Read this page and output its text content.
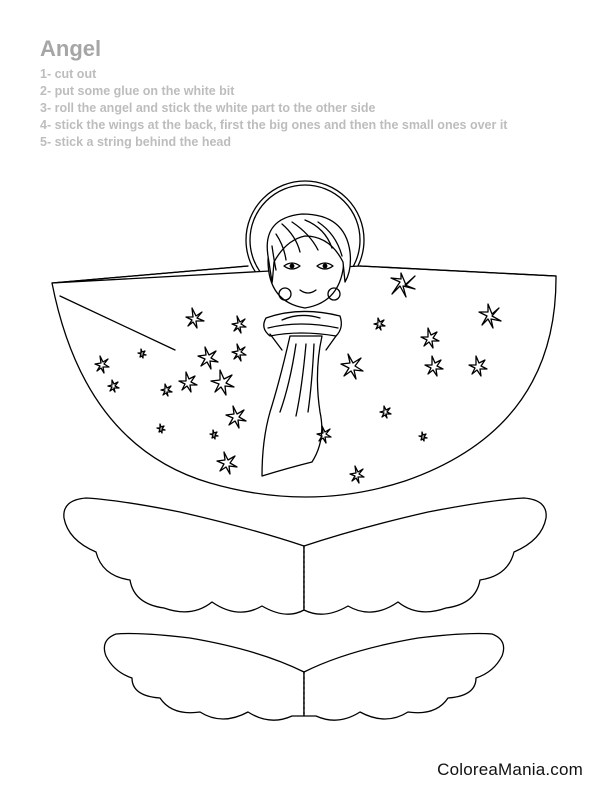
Angel
1- cut out
2- put some glue on the white bit
3- roll the angel and stick the white part to the other side
4- stick the wings at the back, first the big ones and then the small ones over it
5- stick a string behind the head
ColoreaMania.com
